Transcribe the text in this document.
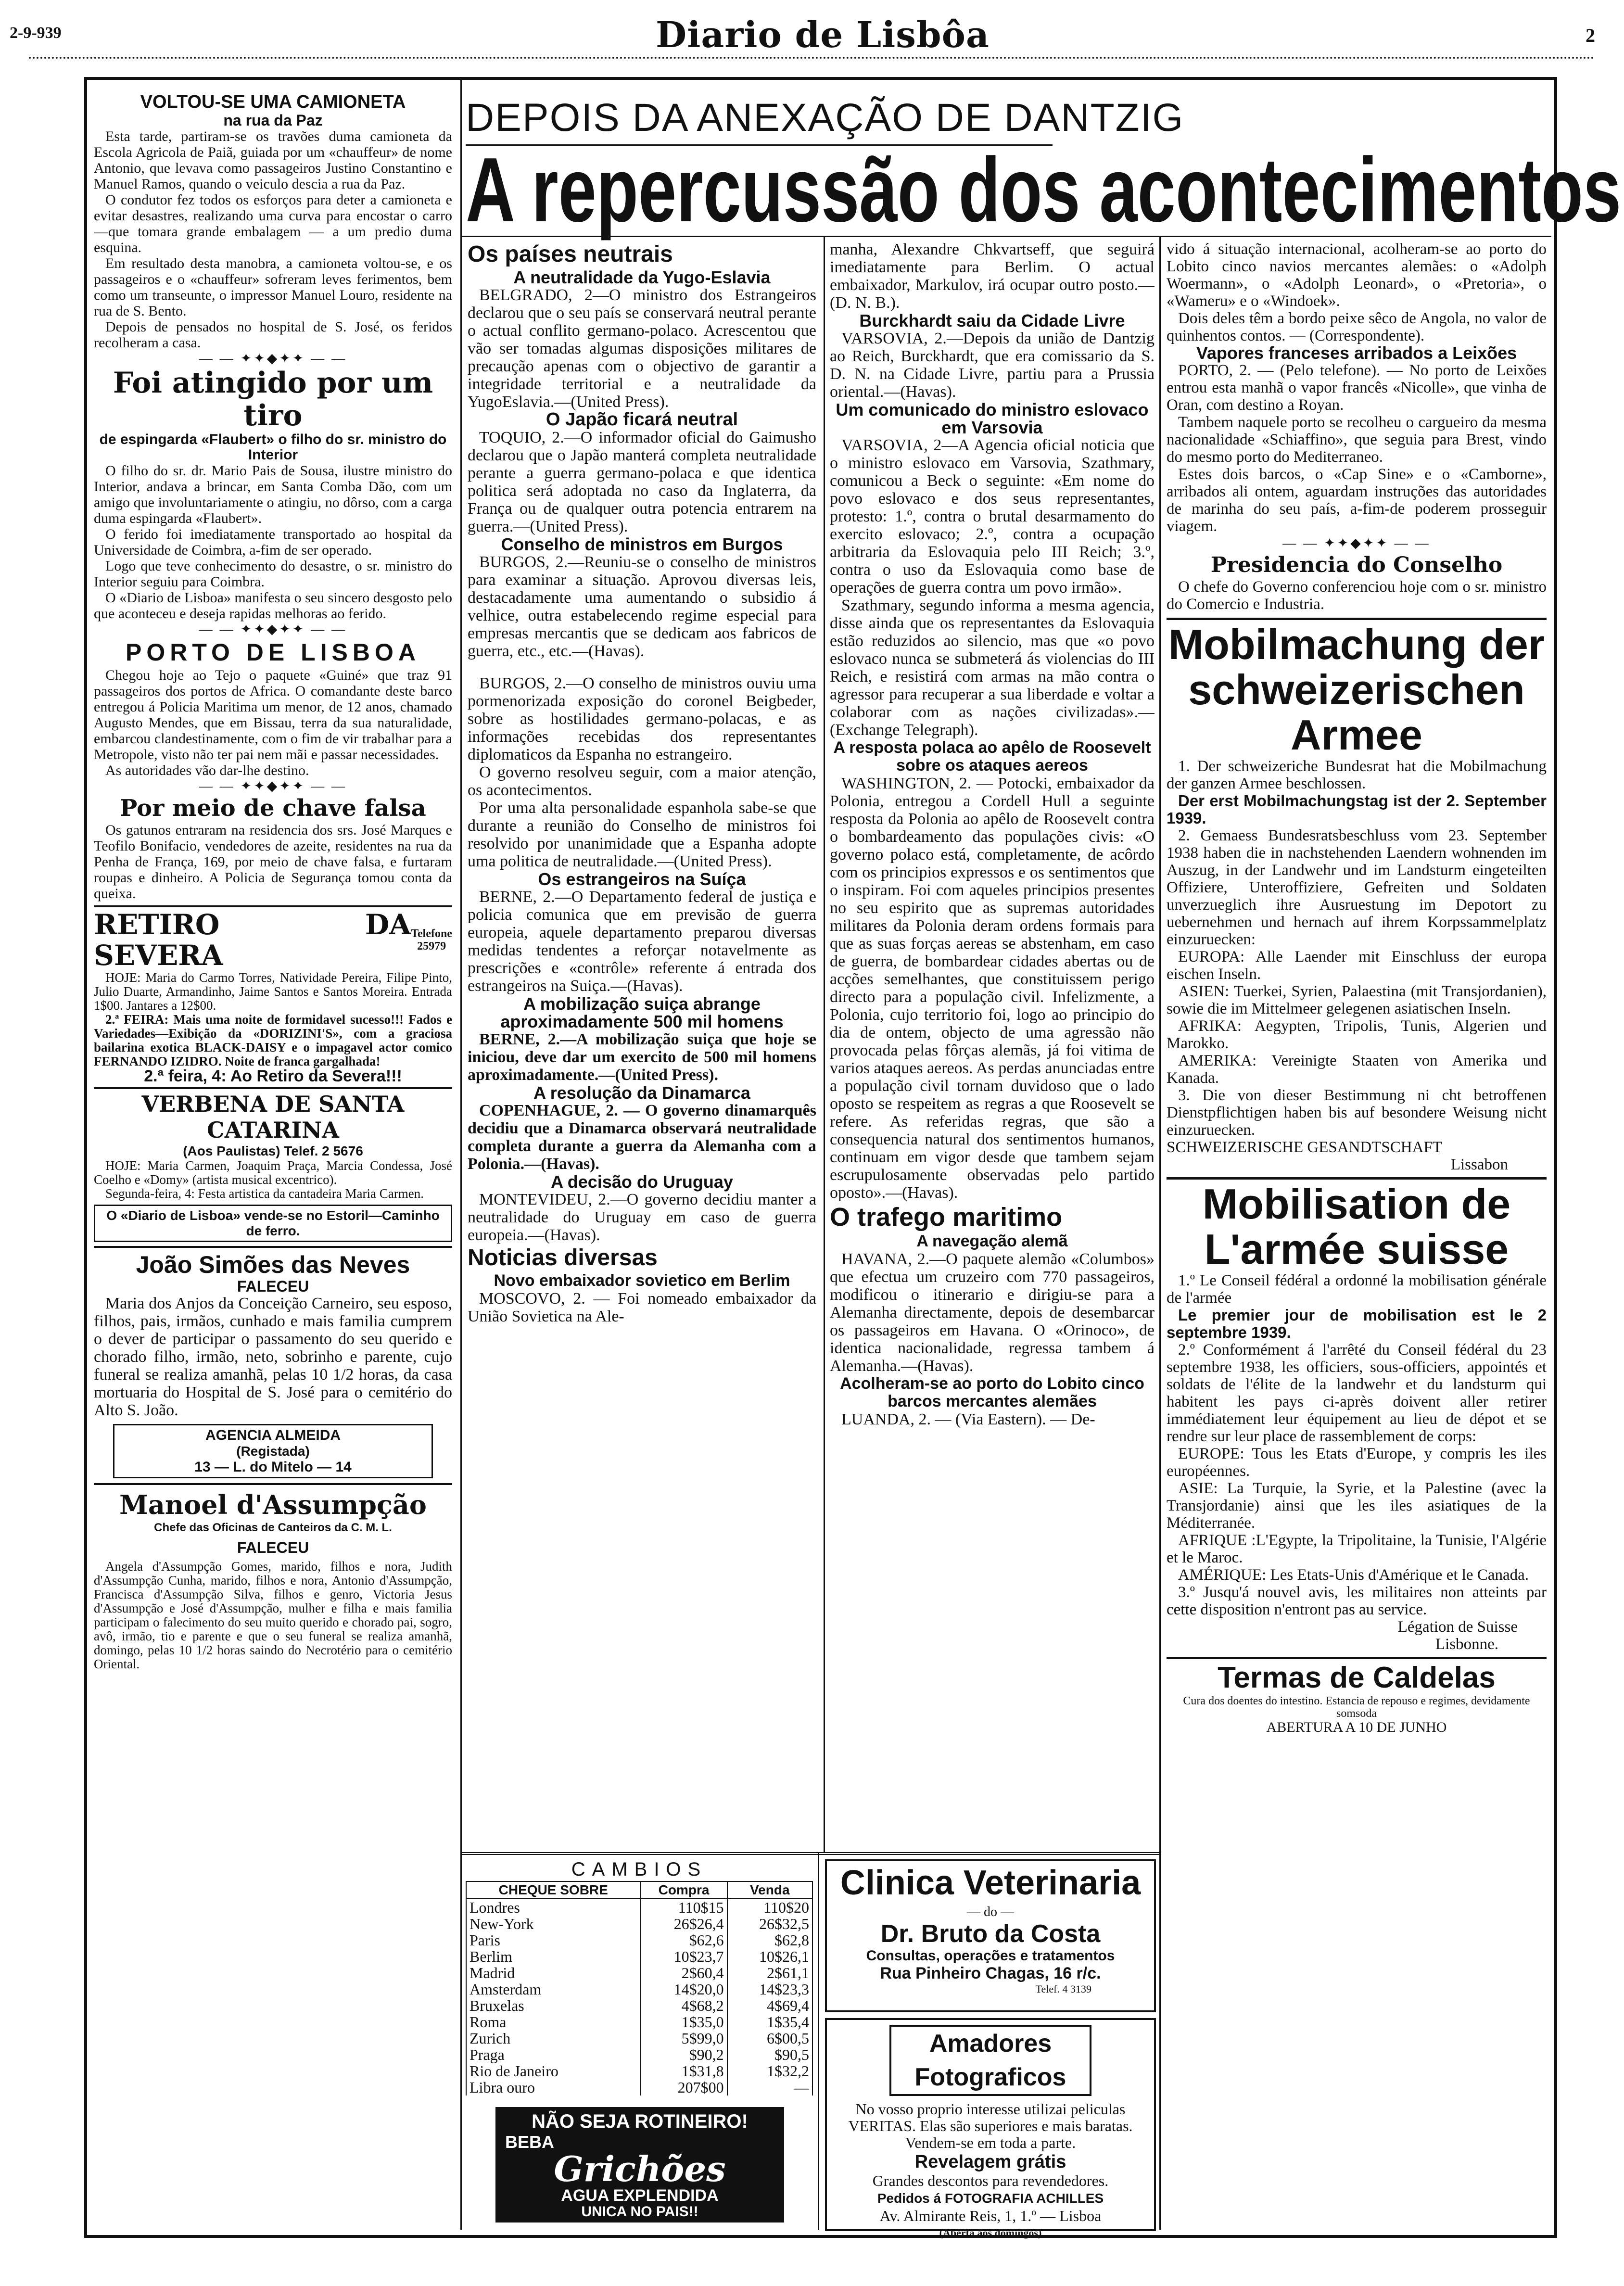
2-9-939	Diario de Lisbôa	2
VOLTOU-SE UMA CAMIONETA
na rua da Paz

Esta tarde, partiram-se os travões duma camioneta da Escola Agricola de Paiã, guiada por um «chauffeur» de nome Antonio, que levava como passageiros Justino Constantino e Manuel Ramos, quando o veiculo descia a rua da Paz.

O condutor fez todos os esforços para deter a camioneta e evitar desastres, realizando uma curva para encostar o carro—que tomara grande embalagem — a um predio duma esquina.

Em resultado desta manobra, a camioneta voltou-se, e os passageiros e o «chauffeur» sofreram leves ferimentos, bem como um transeunte, o impressor Manuel Louro, residente na rua de S. Bento.

Depois de pensados no hospital de S. José, os feridos recolheram a casa.

— — ✦✦◆✦✦ — —
Foi atingido por um tiro
de espingarda «Flaubert» o filho do sr. ministro do Interior

O filho do sr. dr. Mario Pais de Sousa, ilustre ministro do Interior, andava a brincar, em Santa Comba Dão, com um amigo que involuntariamente o atingiu, no dôrso, com a carga duma espingarda «Flaubert».

O ferido foi imediatamente transportado ao hospital da Universidade de Coimbra, a-fim de ser operado.

Logo que teve conhecimento do desastre, o sr. ministro do Interior seguiu para Coimbra.

O «Diario de Lisboa» manifesta o seu sincero desgosto pelo que aconteceu e deseja rapidas melhoras ao ferido.

— — ✦✦◆✦✦ — —
PORTO DE LISBOA

Chegou hoje ao Tejo o paquete «Guiné» que traz 91 passageiros dos portos de Africa. O comandante deste barco entregou á Policia Maritima um menor, de 12 anos, chamado Augusto Mendes, que em Bissau, terra da sua naturalidade, embarcou clandestinamente, com o fim de vir trabalhar para a Metropole, visto não ter pai nem mãi e passar necessidades.

As autoridades vão dar-lhe destino.

— — ✦✦◆✦✦ — —
Por meio de chave falsa

Os gatunos entraram na residencia dos srs. José Marques e Teofilo Bonifacio, vendedores de azeite, residentes na rua da Penha de França, 169, por meio de chave falsa, e furtaram roupas e dinheiro. A Policia de Segurança tomou conta da queixa.

RETIRO DA SEVERA
Telefone
25979

HOJE: Maria do Carmo Torres, Natividade Pereira, Filipe Pinto, Julio Duarte, Armandinho, Jaime Santos e Santos Moreira. Entrada 1$00. Jantares a 12$00.

2.ª FEIRA: Mais uma noite de formidavel sucesso!!! Fados e Variedades—Exibição da «DORIZINI'S», com a graciosa bailarina exotica BLACK-DAISY e o impagavel actor comico FERNANDO IZIDRO. Noite de franca gargalhada!

2.ª feira, 4: Ao Retiro da Severa!!!
VERBENA DE SANTA CATARINA
(Aos Paulistas) Telef. 2 5676

HOJE: Maria Carmen, Joaquim Praça, Marcia Condessa, José Coelho e «Domy» (artista musical excentrico).

Segunda-feira, 4: Festa artistica da cantadeira Maria Carmen.

O «Diario de Lisboa» vende-se no Estoril—Caminho de ferro.
João Simões das Neves
FALECEU

Maria dos Anjos da Conceição Carneiro, seu esposo, filhos, pais, irmãos, cunhado e mais familia cumprem o dever de participar o passamento do seu querido e chorado filho, irmão, neto, sobrinho e parente, cujo funeral se realiza amanhã, pelas 10 1/2 horas, da casa mortuaria do Hospital de S. José para o cemitério do Alto S. João.

AGENCIA ALMEIDA
(Registada)
13 — L. do Mitelo — 14
Manoel d'Assumpção
Chefe das Oficinas de Canteiros da C. M. L.
FALECEU

Angela d'Assumpção Gomes, marido, filhos e nora, Judith d'Assumpção Cunha, marido, filhos e nora, Antonio d'Assumpção, Francisca d'Assumpção Silva, filhos e genro, Victoria Jesus d'Assumpção e José d'Assumpção, mulher e filha e mais familia participam o falecimento do seu muito querido e chorado pai, sogro, avô, irmão, tio e parente e que o seu funeral se realiza amanhã, domingo, pelas 10 1/2 horas saindo do Necrotério para o cemitério Oriental.

DEPOIS DA ANEXAÇÃO DE DANTZIG
A repercussão dos acontecimentos
Os países neutrais
A neutralidade da Yugo-Eslavia

BELGRADO, 2—O ministro dos Estrangeiros declarou que o seu país se conservará neutral perante o actual conflito germano-polaco. Acrescentou que vão ser tomadas algumas disposições militares de precaução apenas com o objectivo de garantir a integridade territorial e a neutralidade da YugoEslavia.—(United Press).

O Japão ficará neutral

TOQUIO, 2.—O informador oficial do Gaimusho declarou que o Japão manterá completa neutralidade perante a guerra germano-polaca e que identica politica será adoptada no caso da Inglaterra, da França ou de qualquer outra potencia entrarem na guerra.—(United Press).

Conselho de ministros em Burgos

BURGOS, 2.—Reuniu-se o conselho de ministros para examinar a situação. Aprovou diversas leis, destacadamente uma aumentando o subsidio á velhice, outra estabelecendo regime especial para empresas mercantis que se dedicam aos fabricos de guerra, etc., etc.—(Havas).

BURGOS, 2.—O conselho de ministros ouviu uma pormenorizada exposição do coronel Beigbeder, sobre as hostilidades germano-polacas, e as informações recebidas dos representantes diplomaticos da Espanha no estrangeiro.

O governo resolveu seguir, com a maior atenção, os acontecimentos.

Por uma alta personalidade espanhola sabe-se que durante a reunião do Conselho de ministros foi resolvido por unanimidade que a Espanha adopte uma politica de neutralidade.—(United Press).

Os estrangeiros na Suíça

BERNE, 2.—O Departamento federal de justiça e policia comunica que em previsão de guerra europeia, aquele departamento preparou diversas medidas tendentes a reforçar notavelmente as prescrições e «contrôle» referente á entrada dos estrangeiros na Suiça.—(Havas).

A mobilização suiça abrange aproximadamente 500 mil homens

BERNE, 2.—A mobilização suiça que hoje se iniciou, deve dar um exercito de 500 mil homens aproximadamente.—(United Press).

A resolução da Dinamarca

COPENHAGUE, 2. — O governo dinamarquês decidiu que a Dinamarca observará neutralidade completa durante a guerra da Alemanha com a Polonia.—(Havas).

A decisão do Uruguay

MONTEVIDEU, 2.—O governo decidiu manter a neutralidade do Uruguay em caso de guerra europeia.—(Havas).

Noticias diversas
Novo embaixador sovietico em Berlim

MOSCOVO, 2. — Foi nomeado embaixador da União Sovietica na Ale-

manha, Alexandre Chkvartseff, que seguirá imediatamente para Berlim. O actual embaixador, Markulov, irá ocupar outro posto.—(D. N. B.).

Burckhardt saiu da Cidade Livre

VARSOVIA, 2.—Depois da união de Dantzig ao Reich, Burckhardt, que era comissario da S. D. N. na Cidade Livre, partiu para a Prussia oriental.—(Havas).

Um comunicado do ministro eslovaco em Varsovia

VARSOVIA, 2—A Agencia oficial noticia que o ministro eslovaco em Varsovia, Szathmary, comunicou a Beck o seguinte: «Em nome do povo eslovaco e dos seus representantes, protesto: 1.º, contra o brutal desarmamento do exercito eslovaco; 2.º, contra a ocupação arbitraria da Eslovaquia pelo III Reich; 3.º, contra o uso da Eslovaquia como base de operações de guerra contra um povo irmão».

Szathmary, segundo informa a mesma agencia, disse ainda que os representantes da Eslovaquia estão reduzidos ao silencio, mas que «o povo eslovaco nunca se submeterá ás violencias do III Reich, e resistirá com armas na mão contra o agressor para recuperar a sua liberdade e voltar a colaborar com as nações civilizadas».—(Exchange Telegraph).

A resposta polaca ao apêlo de Roosevelt sobre os ataques aereos

WASHINGTON, 2. — Potocki, embaixador da Polonia, entregou a Cordell Hull a seguinte resposta da Polonia ao apêlo de Roosevelt contra o bombardeamento das populações civis: «O governo polaco está, completamente, de acôrdo com os principios expressos e os sentimentos que o inspiram. Foi com aqueles principios presentes no seu espirito que as supremas autoridades militares da Polonia deram ordens formais para que as suas forças aereas se abstenham, em caso de guerra, de bombardear cidades abertas ou de acções semelhantes, que constituissem perigo directo para a população civil. Infelizmente, a Polonia, cujo territorio foi, logo ao principio do dia de ontem, objecto de uma agressão não provocada pelas fôrças alemãs, já foi vitima de varios ataques aereos. As perdas anunciadas entre a população civil tornam duvidoso que o lado oposto se respeitem as regras a que Roosevelt se refere. As referidas regras, que são a consequencia natural dos sentimentos humanos, continuam em vigor desde que tambem sejam escrupulosamente observadas pelo partido oposto».—(Havas).

O trafego maritimo
A navegação alemã

HAVANA, 2.—O paquete alemão «Columbos» que efectua um cruzeiro com 770 passageiros, modificou o itinerario e dirigiu-se para a Alemanha directamente, depois de desembarcar os passageiros em Havana. O «Orinoco», de identica nacionalidade, regressa tambem á Alemanha.—(Havas).

Acolheram-se ao porto do Lobito cinco barcos mercantes alemães

LUANDA, 2. — (Via Eastern). — De-

vido á situação internacional, acolheram-se ao porto do Lobito cinco navios mercantes alemães: o «Adolph Woermann», o «Adolph Leonard», o «Pretoria», o «Wameru» e o «Windoek».

Dois deles têm a bordo peixe sêco de Angola, no valor de quinhentos contos. — (Correspondente).

Vapores franceses arribados a Leixões

PORTO, 2. — (Pelo telefone). — No porto de Leixões entrou esta manhã o vapor francês «Nicolle», que vinha de Oran, com destino a Royan.

Tambem naquele porto se recolheu o cargueiro da mesma nacionalidade «Schiaffino», que seguia para Brest, vindo do mesmo porto do Mediterraneo.

Estes dois barcos, o «Cap Sine» e o «Camborne», arribados ali ontem, aguardam instruções das autoridades de marinha do seu país, a-fim-de poderem prosseguir viagem.

— — ✦✦◆✦✦ — —
Presidencia do Conselho

O chefe do Governo conferenciou hoje com o sr. ministro do Comercio e Industria.

Mobilmachung der schweizerischen Armee

1. Der schweizeriche Bundesrat hat die Mobilmachung der ganzen Armee beschlossen.

Der erst Mobilmachungstag ist der 2. September 1939.

2. Gemaess Bundesratsbeschluss vom 23. September 1938 haben die in nachstehenden Laendern wohnenden im Auszug, in der Landwehr und im Landsturm eingeteilten Offiziere, Unteroffiziere, Gefreiten und Soldaten unverzueglich ihre Ausruestung im Depotort zu uebernehmen und hernach auf ihrem Korpssammelplatz einzuruecken:

EUROPA: Alle Laender mit Einschluss der europa eischen Inseln.

ASIEN: Tuerkei, Syrien, Palaestina (mit Transjordanien), sowie die im Mittelmeer gelegenen asiatischen Inseln.

AFRIKA: Aegypten, Tripolis, Tunis, Algerien und Marokko.

AMERIKA: Vereinigte Staaten von Amerika und Kanada.

3. Die von dieser Bestimmung ni cht betroffenen Dienstpflichtigen haben bis auf besondere Weisung nicht einzuruecken.

SCHWEIZERISCHE GESANDTSCHAFT
Lissabon
Mobilisation de L'armée suisse

1.º Le Conseil fédéral a ordonné la mobilisation générale de l'armée

Le premier jour de mobilisation est le 2 septembre 1939.

2.º Conformément á l'arrêté du Conseil fédéral du 23 septembre 1938, les officiers, sous-officiers, appointés et soldats de l'élite de la landwehr et du landsturm qui habitent les pays ci-après doivent aller retirer immédiatement leur équipement au lieu de dépot et se rendre sur leur place de rassemblement de corps:

EUROPE: Tous les Etats d'Europe, y compris les iles européennes.

ASIE: La Turquie, la Syrie, et la Palestine (avec la Transjordanie) ainsi que les iles asiatiques de la Méditerranée.

AFRIQUE :L'Egypte, la Tripolitaine, la Tunisie, l'Algérie et le Maroc.

AMÉRIQUE: Les Etats-Unis d'Amérique et le Canada.

3.º Jusqu'á nouvel avis, les militaires non atteints par cette disposition n'entront pas au service.

Légation de Suisse
Lisbonne.
Termas de Caldelas
Cura dos doentes do intestino. Estancia de repouso e regimes, devidamente somsoda
ABERTURA A 10 DE JUNHO
CAMBIOS
CHEQUE SOBRE	Compra	Venda
Londres	110$15	110$20
New-York	26$26,4	26$32,5
Paris	$62,6	$62,8
Berlim	10$23,7	10$26,1
Madrid	2$60,4	2$61,1
Amsterdam	14$20,0	14$23,3
Bruxelas	4$68,2	4$69,4
Roma	1$35,0	1$35,4
Zurich	5$99,0	6$00,5
Praga	$90,2	$90,5
Rio de Janeiro	1$31,8	1$32,2
Libra ouro	207$00	—
NÃO SEJA ROTINEIRO!
BEBA
Grichões
AGUA EXPLENDIDA
UNICA NO PAIS!!
Clinica Veterinaria
— do —
Dr. Bruto da Costa
Consultas, operações e tratamentos
Rua Pinheiro Chagas, 16 r/c.
Telef. 4 3139
Amadores Fotograficos
No vosso proprio interesse utilizai peliculas VERITAS. Elas são superiores e mais baratas. Vendem-se em toda a parte.
Revelagem grátis
Grandes descontos para revendedores.
Pedidos á FOTOGRAFIA ACHILLES
Av. Almirante Reis, 1, 1.º — Lisboa
(Aberta aos domingos)
